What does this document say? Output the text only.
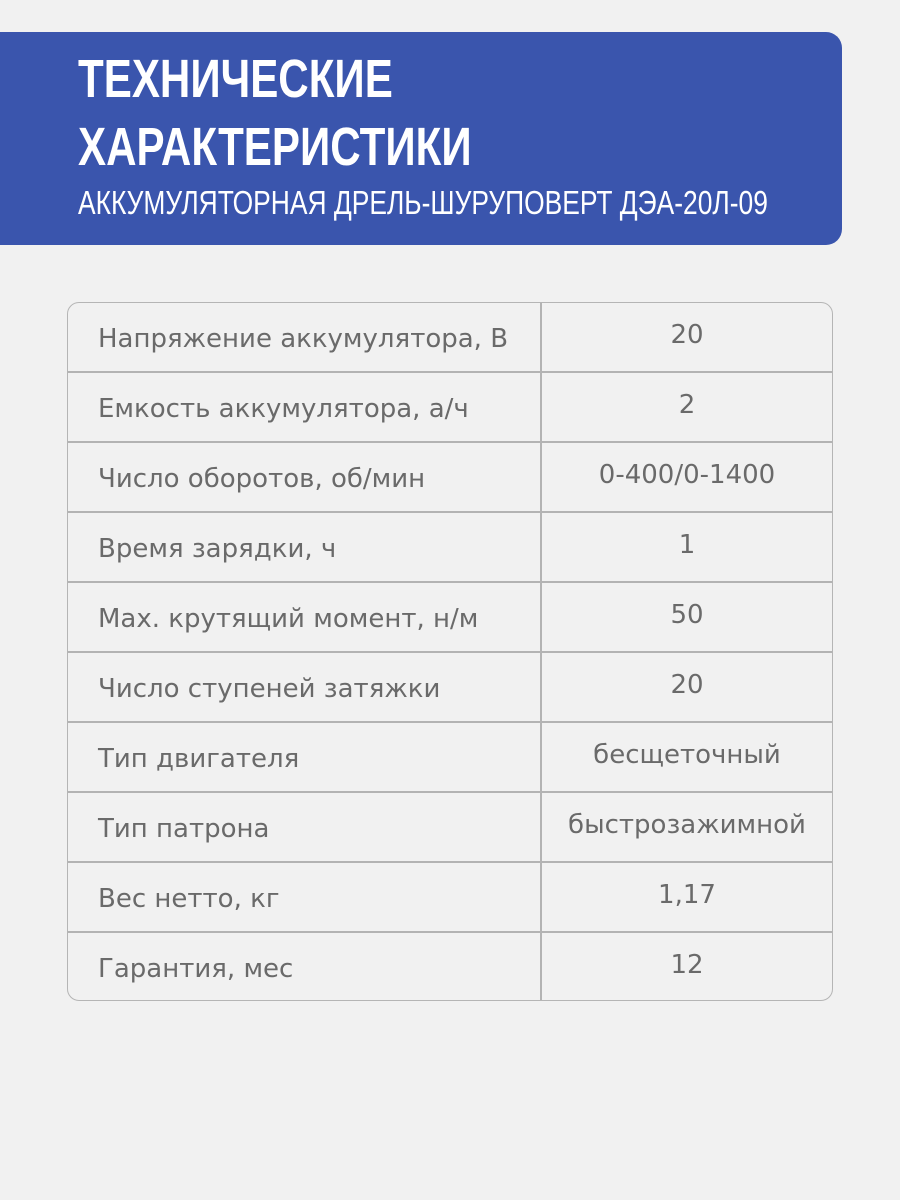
ТЕХНИЧЕСКИЕ
ХАРАКТЕРИСТИКИ
АККУМУЛЯТОРНАЯ ДРЕЛЬ-ШУРУПОВЕРТ ДЭА-20Л-09
Напряжение аккумулятора, В	20
Емкость аккумулятора, а/ч	2
Число оборотов, об/мин	0-400/0-1400
Время зарядки, ч	1
Max. крутящий момент, н/м	50
Число ступеней затяжки	20
Тип двигателя	бесщеточный
Тип патрона	быстрозажимной
Вес нетто, кг	1,17
Гарантия, мес	12
